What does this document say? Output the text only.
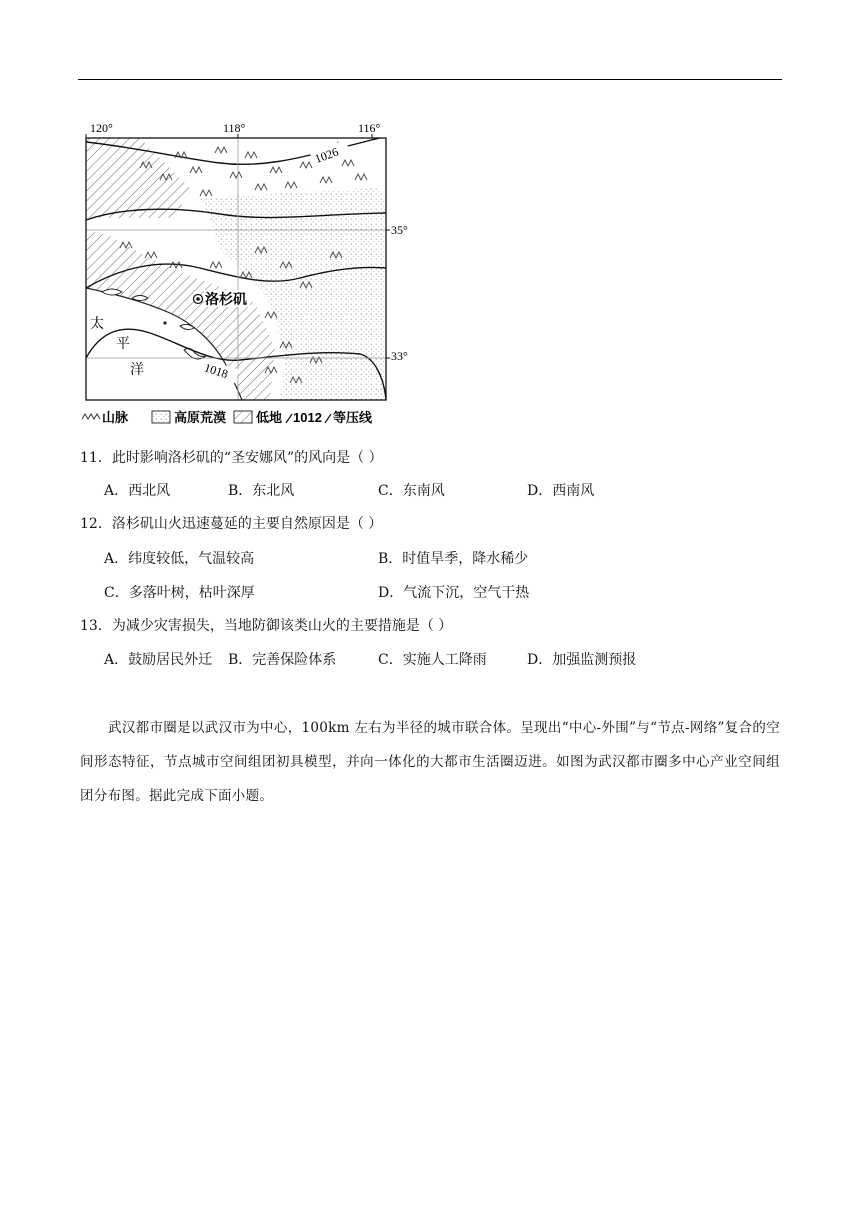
120°	118°	116°
35°
33°
1026
1018
洛杉矶
太
平
洋
山脉	高原荒漠 低地 1012 等压线
11．此时影响洛杉矶的“圣安娜风”的风向是（ ）
A．西北风	B．东北风	C．东南风	D．西南风
12．洛杉矶山火迅速蔓延的主要自然原因是（ ）
A．纬度较低，气温较高	B．时值旱季，降水稀少
C．多落叶树，枯叶深厚	D．气流下沉，空气干热
13．为减少灾害损失，当地防御该类山火的主要措施是（ ）
A．鼓励居民外迁 B．完善保险体系	C．实施人工降雨	D．加强监测预报
武汉都市圈是以武汉市为中心，100km 左右为半径的城市联合体。呈现出“中心-外围”与“节点-网络”复合的空间形态特征，节点城市空间组团初具模型，并向一体化的大都市生活圈迈进。如图为武汉都市圈多中心产业空间组团分布图。据此完成下面小题。
